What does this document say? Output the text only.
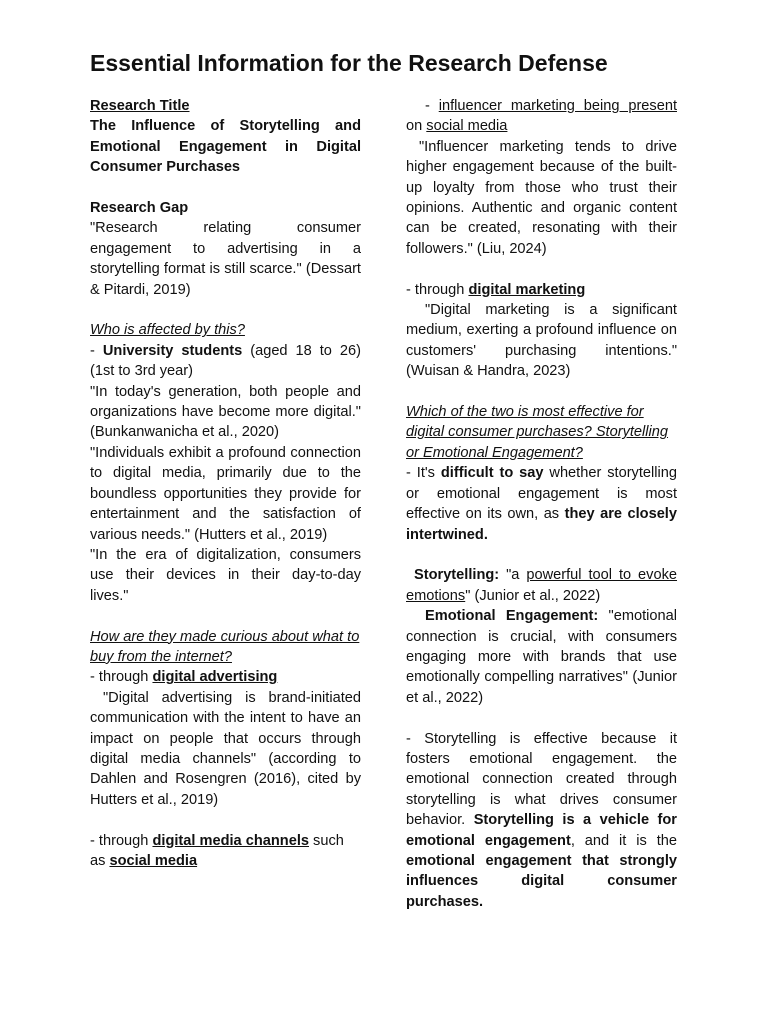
Essential Information for the Research Defense

Research Title

The Influence of Storytelling and Emotional Engagement in Digital Consumer Purchases

Research Gap

"Research relating consumer engagement to advertising in a storytelling format is still scarce." (Dessart & Pitardi, 2019)

Who is affected by this?

- University students (aged 18 to 26) (1st to 3rd year)

"In today's generation, both people and organizations have become more digital." (Bunkanwanicha et al., 2020)

"Individuals exhibit a profound connection to digital media, primarily due to the boundless opportunities they provide for entertainment and the satisfaction of various needs." (Hutters et al., 2019)

"In the era of digitalization, consumers use their devices in their day-to-day lives."

How are they made curious about what to buy from the internet?

- through digital advertising

"Digital advertising is brand-initiated communication with the intent to have an impact on people that occurs through digital media channels" (according to Dahlen and Rosengren (2016), cited by Hutters et al., 2019)

- through digital media channels such as social media

- influencer marketing being present on social media

"Influencer marketing tends to drive higher engagement because of the built-up loyalty from those who trust their opinions. Authentic and organic content can be created, resonating with their followers." (Liu, 2024)

- through digital marketing

"Digital marketing is a significant medium, exerting a profound influence on customers' purchasing intentions." (Wuisan & Handra, 2023)

Which of the two is most effective for digital consumer purchases? Storytelling or Emotional Engagement?

- It's difficult to say whether storytelling or emotional engagement is most effective on its own, as they are closely intertwined.

Storytelling: "a powerful tool to evoke emotions" (Junior et al., 2022)

Emotional Engagement: "emotional connection is crucial, with consumers engaging more with brands that use emotionally compelling narratives" (Junior et al., 2022)

- Storytelling is effective because it fosters emotional engagement. the emotional connection created through storytelling is what drives consumer behavior. Storytelling is a vehicle for emotional engagement, and it is the emotional engagement that strongly influences digital consumer purchases.
